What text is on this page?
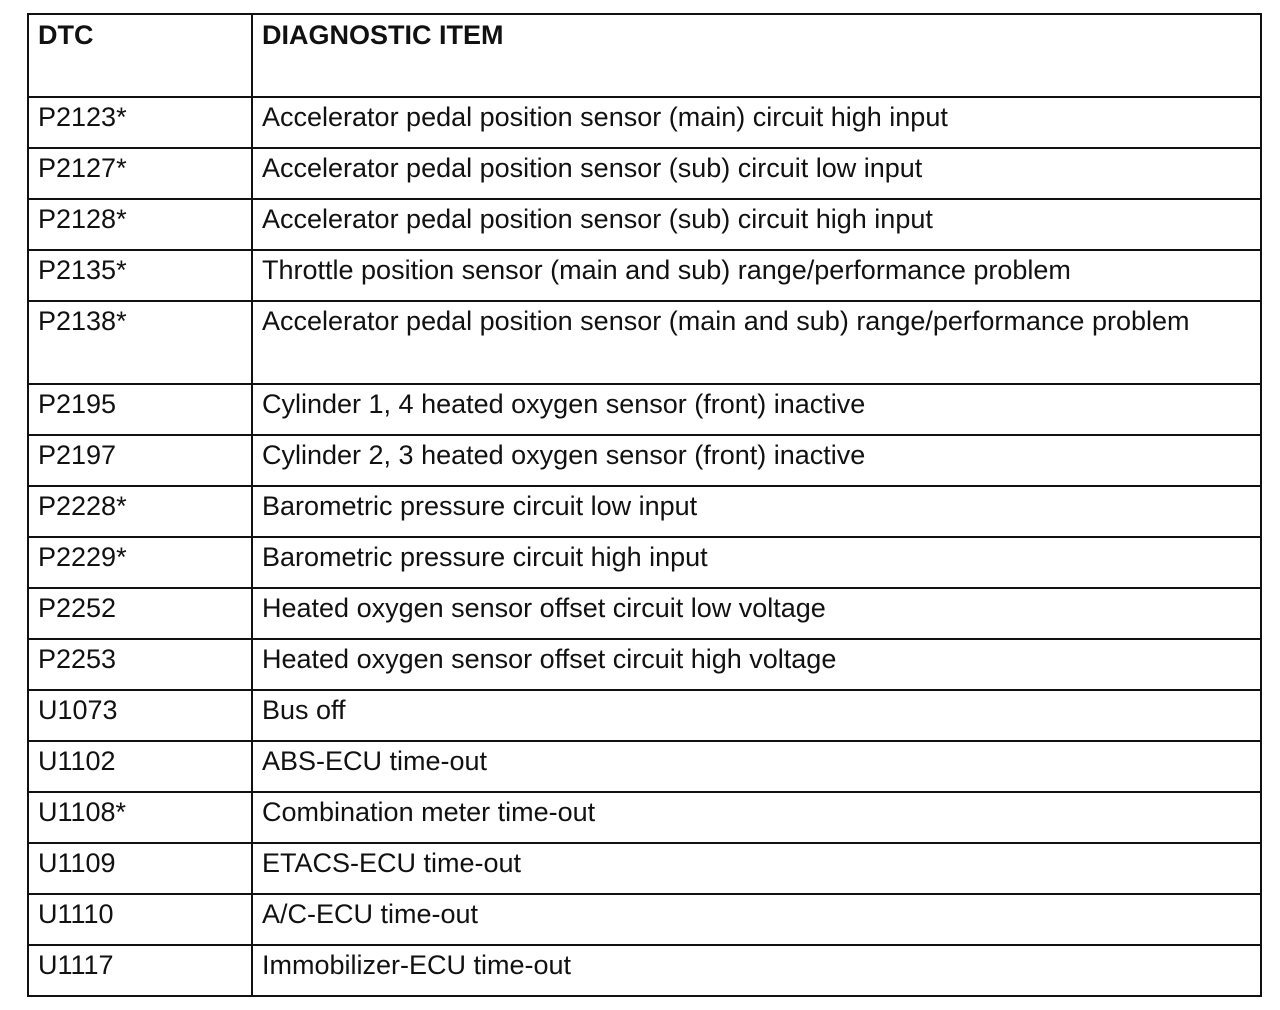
DTC	DIAGNOSTIC ITEM
P2123*	Accelerator pedal position sensor (main) circuit high input
P2127*	Accelerator pedal position sensor (sub) circuit low input
P2128*	Accelerator pedal position sensor (sub) circuit high input
P2135*	Throttle position sensor (main and sub) range/performance problem
P2138*	Accelerator pedal position sensor (main and sub) range/performance problem
P2195	Cylinder 1, 4 heated oxygen sensor (front) inactive
P2197	Cylinder 2, 3 heated oxygen sensor (front) inactive
P2228*	Barometric pressure circuit low input
P2229*	Barometric pressure circuit high input
P2252	Heated oxygen sensor offset circuit low voltage
P2253	Heated oxygen sensor offset circuit high voltage
U1073	Bus off
U1102	ABS-ECU time-out
U1108*	Combination meter time-out
U1109	ETACS-ECU time-out
U1110	A/C-ECU time-out
U1117	Immobilizer-ECU time-out
